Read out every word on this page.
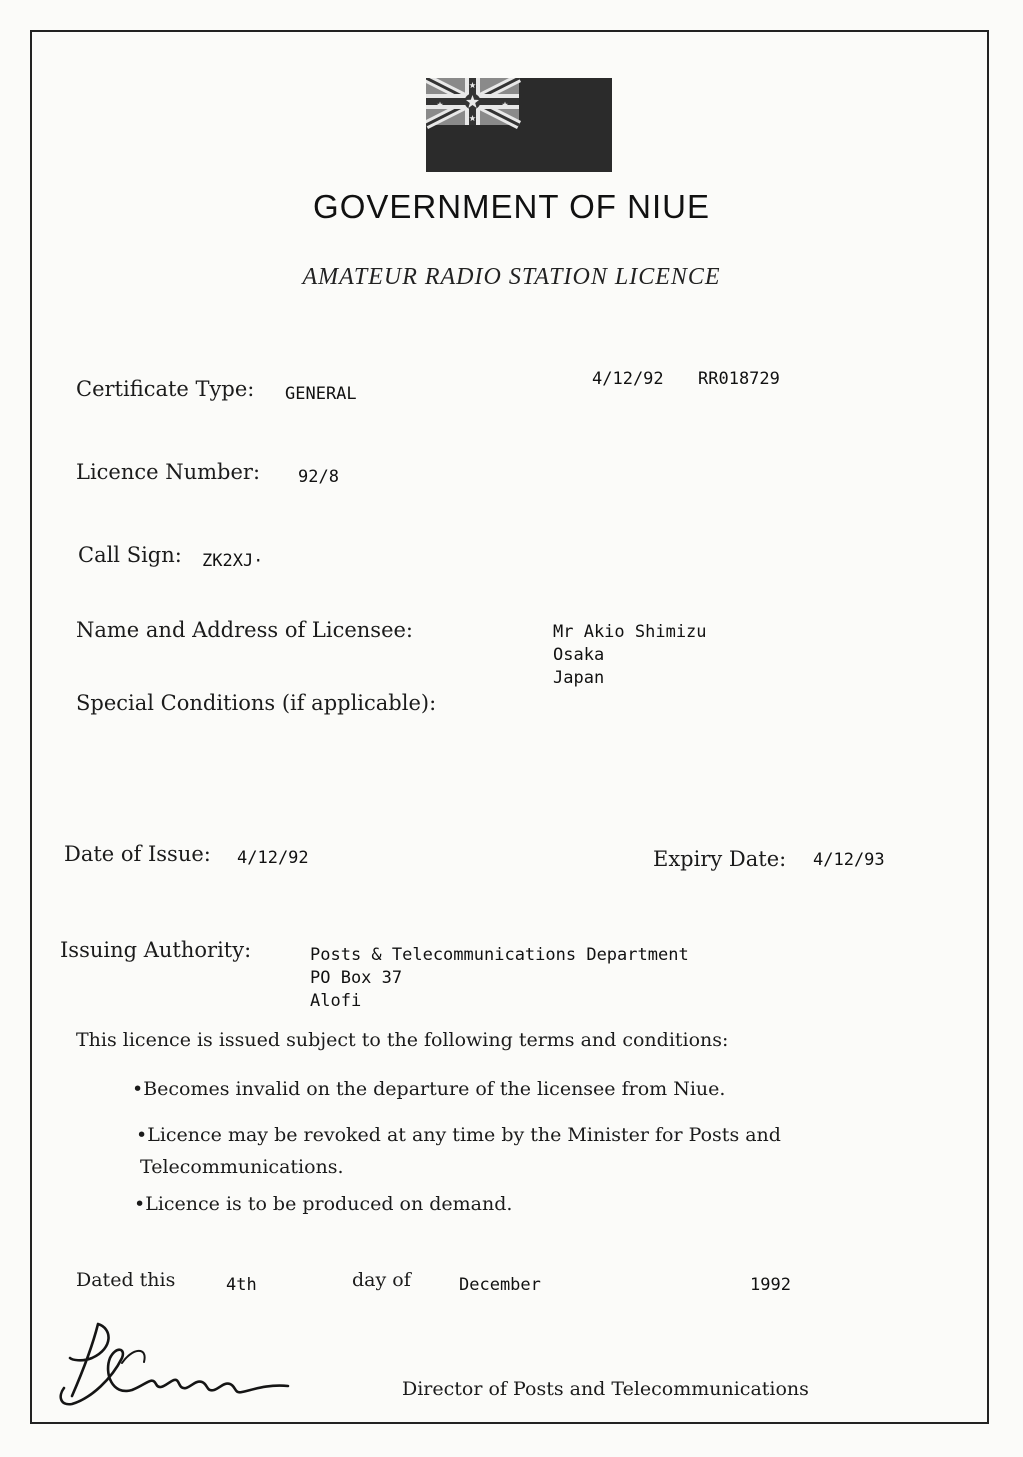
GOVERNMENT OF NIUE
AMATEUR RADIO STATION LICENCE
4/12/92 RR018729
Certificate Type: GENERAL
Licence Number: 92/8
Call Sign: ZK2XJ·
Name and Address of Licensee:	Mr Akio Shimizu
Osaka
Japan
Special Conditions (if applicable):
Date of Issue: 4/12/92	Expiry Date: 4/12/93
Issuing Authority:	Posts & Telecommunications Department
PO Box 37
Alofi
This licence is issued subject to the following terms and conditions:
•Becomes invalid on the departure of the licensee from Niue.
•Licence may be revoked at any time by the Minister for Posts and
Telecommunications.
•Licence is to be produced on demand.
Dated this	4th	day of	December	1992
Director of Posts and Telecommunications
